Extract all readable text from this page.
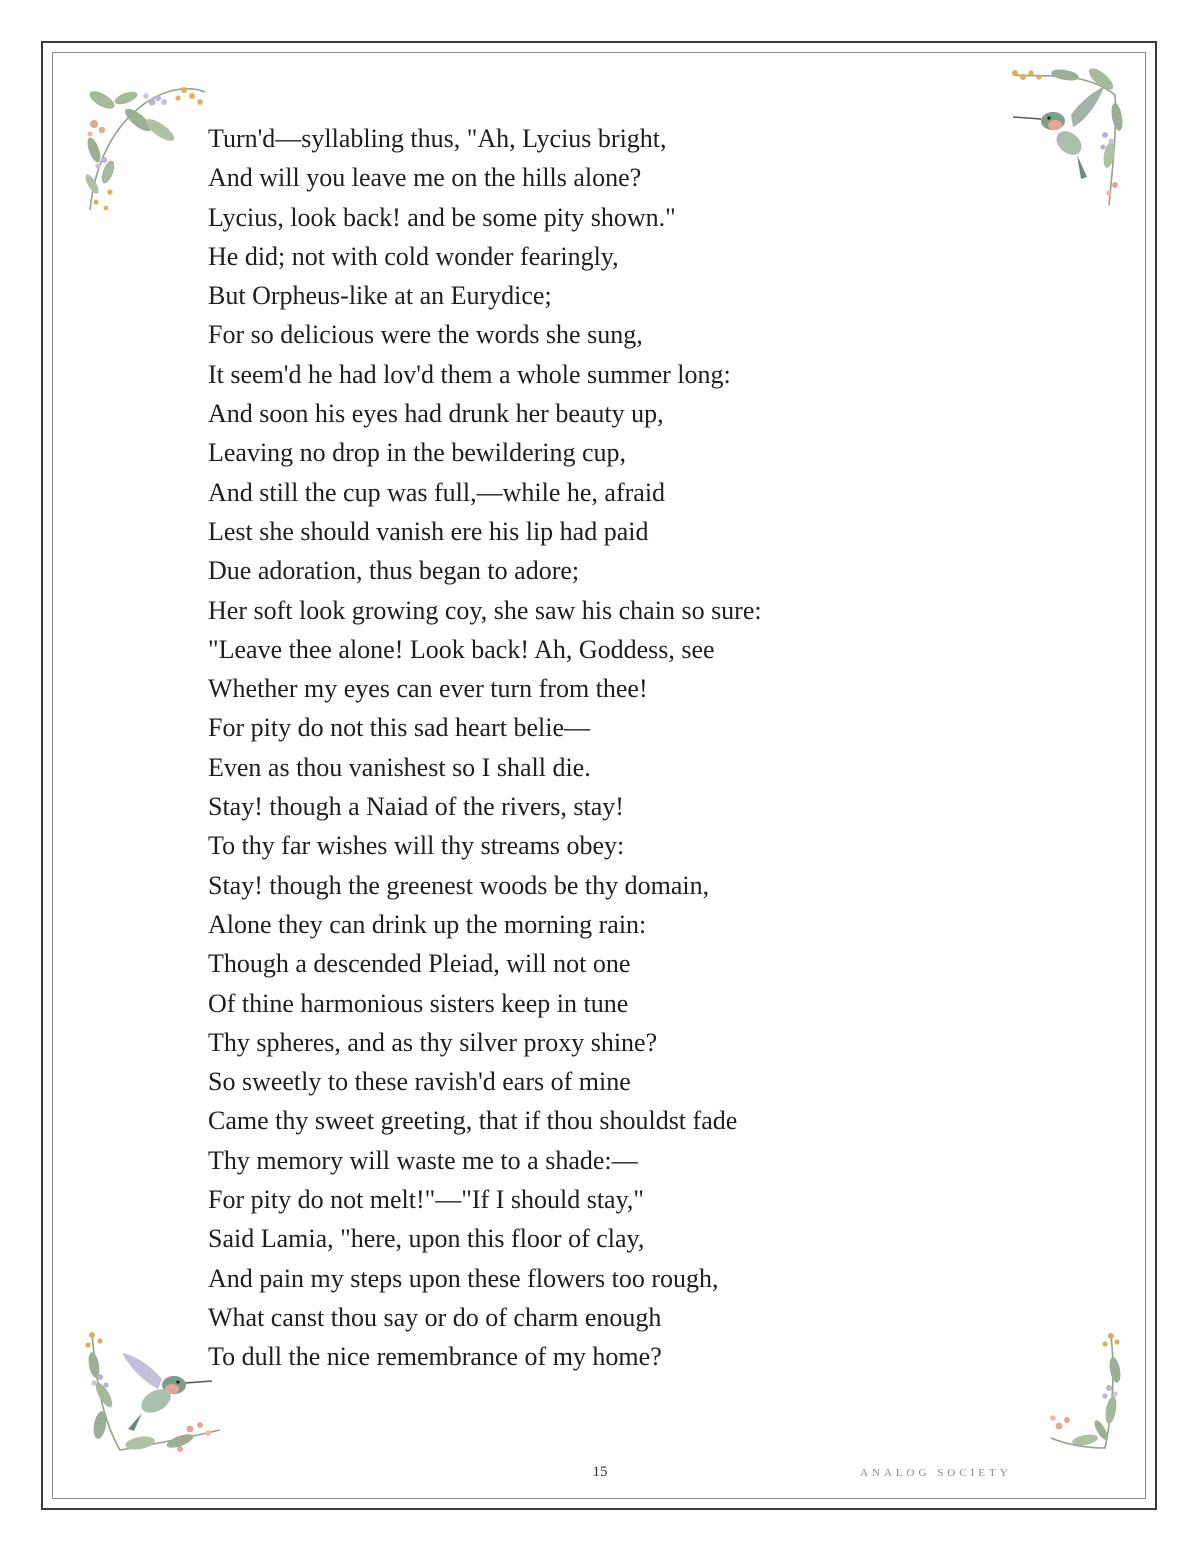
Turn'd—syllabling thus, "Ah, Lycius bright,
And will you leave me on the hills alone?
Lycius, look back! and be some pity shown."
He did; not with cold wonder fearingly,
But Orpheus-like at an Eurydice;
For so delicious were the words she sung,
It seem'd he had lov'd them a whole summer long:
And soon his eyes had drunk her beauty up,
Leaving no drop in the bewildering cup,
And still the cup was full,—while he, afraid
Lest she should vanish ere his lip had paid
Due adoration, thus began to adore;
Her soft look growing coy, she saw his chain so sure:
"Leave thee alone! Look back! Ah, Goddess, see
Whether my eyes can ever turn from thee!
For pity do not this sad heart belie—
Even as thou vanishest so I shall die.
Stay! though a Naiad of the rivers, stay!
To thy far wishes will thy streams obey:
Stay! though the greenest woods be thy domain,
Alone they can drink up the morning rain:
Though a descended Pleiad, will not one
Of thine harmonious sisters keep in tune
Thy spheres, and as thy silver proxy shine?
So sweetly to these ravish'd ears of mine
Came thy sweet greeting, that if thou shouldst fade
Thy memory will waste me to a shade:—
For pity do not melt!"—"If I should stay,"
Said Lamia, "here, upon this floor of clay,
And pain my steps upon these flowers too rough,
What canst thou say or do of charm enough
To dull the nice remembrance of my home?
15	ANALOG SOCIETY
